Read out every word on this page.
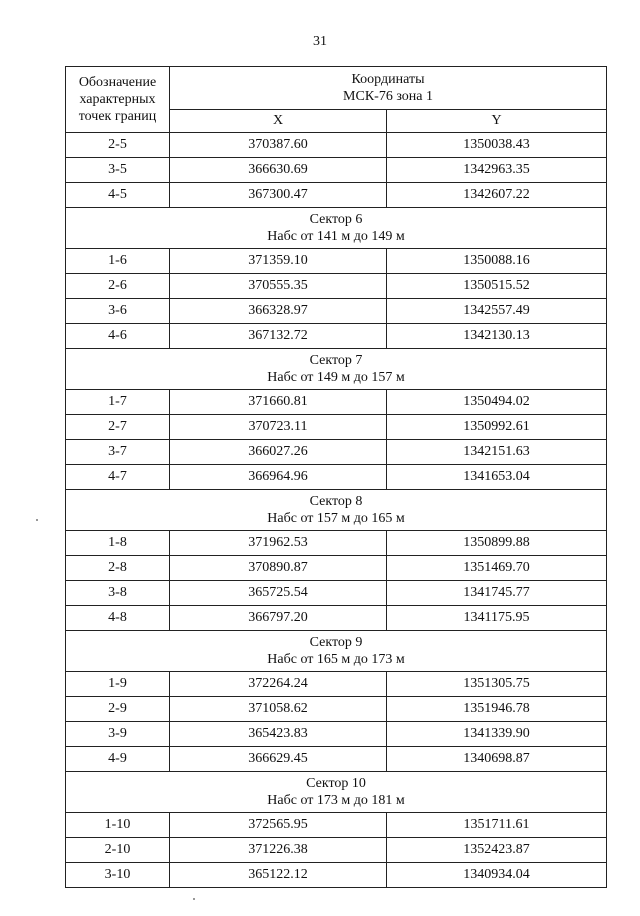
31
Обозначение
характерных
точек границ	Координаты
МСК-76 зона 1	

	X	Y
2-5	370387.60	1350038.43
3-5	366630.69	1342963.35
4-5	367300.47	1342607.22

Сектор 6
Набс от 141 м до 149 м		

1-6	371359.10	1350088.16
2-6	370555.35	1350515.52
3-6	366328.97	1342557.49
4-6	367132.72	1342130.13

Сектор 7
Набс от 149 м до 157 м		

1-7	371660.81	1350494.02
2-7	370723.11	1350992.61
3-7	366027.26	1342151.63
4-7	366964.96	1341653.04

Сектор 8
Набс от 157 м до 165 м		

1-8	371962.53	1350899.88
2-8	370890.87	1351469.70
3-8	365725.54	1341745.77
4-8	366797.20	1341175.95

Сектор 9
Набс от 165 м до 173 м		

1-9	372264.24	1351305.75
2-9	371058.62	1351946.78
3-9	365423.83	1341339.90
4-9	366629.45	1340698.87

Сектор 10
Набс от 173 м до 181 м		

1-10	372565.95	1351711.61
2-10	371226.38	1352423.87
3-10	365122.12	1340934.04
